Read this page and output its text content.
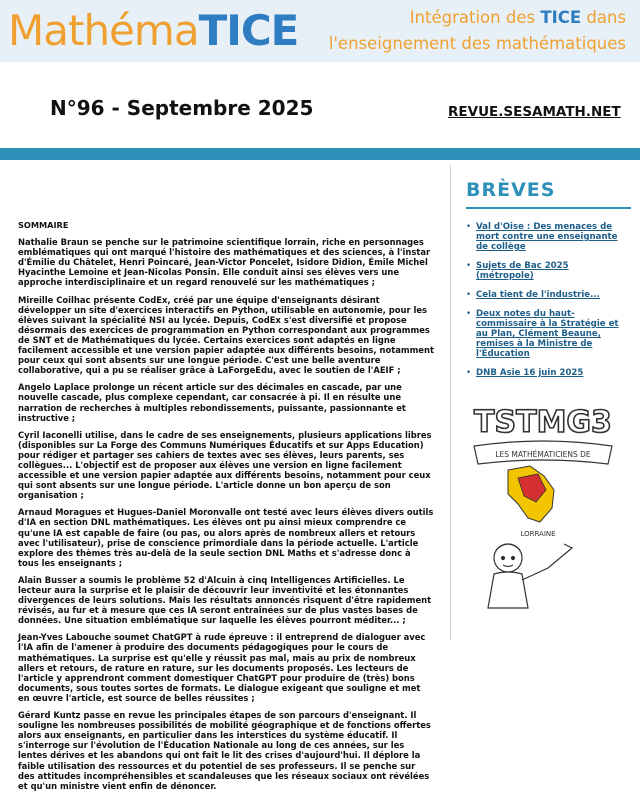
MathémaTICE	Intégration des TICE dans
l'enseignement des mathématiques
N°96 - Septembre 2025	REVUE.SESAMATH.NET

SOMMAIRE

Nathalie Braun se penche sur le patrimoine scientifique lorrain, riche en personnages emblématiques qui ont marqué l'histoire des mathématiques et des sciences, à l'instar d'Émilie du Châtelet, Henri Poincaré, Jean-Victor Poncelet, Isidore Didion, Émile Michel Hyacinthe Lemoine et Jean-Nicolas Ponsin. Elle conduit ainsi ses élèves vers une approche interdisciplinaire et un regard renouvelé sur les mathématiques ;

Mireille Coilhac présente CodEx, créé par une équipe d'enseignants désirant développer un site d'exercices interactifs en Python, utilisable en autonomie, pour les élèves suivant la spécialité NSI au lycée. Depuis, CodEx s'est diversifié et propose désormais des exercices de programmation en Python correspondant aux programmes de SNT et de Mathématiques du lycée. Certains exercices sont adaptés en ligne facilement accessible et une version papier adaptée aux différents besoins, notamment pour ceux qui sont absents sur une longue période. C'est une belle aventure collaborative, qui a pu se réaliser grâce à LaForgeEdu, avec le soutien de l'AEIF ;

Angelo Laplace prolonge un récent article sur des décimales en cascade, par une nouvelle cascade, plus complexe cependant, car consacrée à pi. Il en résulte une narration de recherches à multiples rebondissements, puissante, passionnante et instructive ;

Cyril Iaconelli utilise, dans le cadre de ses enseignements, plusieurs applications libres (disponibles sur La Forge des Communs Numériques Éducatifs et sur Apps Education) pour rédiger et partager ses cahiers de textes avec ses élèves, leurs parents, ses collègues... L'objectif est de proposer aux élèves une version en ligne facilement accessible et une version papier adaptée aux différents besoins, notamment pour ceux qui sont absents sur une longue période. L'article donne un bon aperçu de son organisation ;

Arnaud Moragues et Hugues-Daniel Moronvalle ont testé avec leurs élèves divers outils d'IA en section DNL mathématiques. Les élèves ont pu ainsi mieux comprendre ce qu'une IA est capable de faire (ou pas, ou alors après de nombreux allers et retours avec l'utilisateur), prise de conscience primordiale dans la période actuelle. L'article explore des thèmes très au-delà de la seule section DNL Maths et s'adresse donc à tous les enseignants ;

Alain Busser a soumis le problème 52 d'Alcuin à cinq Intelligences Artificielles. Le lecteur aura la surprise et le plaisir de découvrir leur inventivité et les étonnantes divergences de leurs solutions. Mais les résultats annoncés risquent d'être rapidement révisés, au fur et à mesure que ces IA seront entraînées sur de plus vastes bases de données. Une situation emblématique sur laquelle les élèves pourront méditer... ;

Jean-Yves Labouche soumet ChatGPT à rude épreuve : il entreprend de dialoguer avec l'IA afin de l'amener à produire des documents pédagogiques pour le cours de mathématiques. La surprise est qu'elle y réussit pas mal, mais au prix de nombreux allers et retours, de rature en rature, sur les documents proposés. Les lecteurs de l'article y apprendront comment domestiquer ChatGPT pour produire de (très) bons documents, sous toutes sortes de formats. Le dialogue exigeant que souligne et met en œuvre l'article, est source de belles réussites ;

Gérard Kuntz passe en revue les principales étapes de son parcours d'enseignant. Il souligne les nombreuses possibilités de mobilité géographique et de fonctions offertes alors aux enseignants, en particulier dans les interstices du système éducatif. Il s'interroge sur l'évolution de l'Éducation Nationale au long de ces années, sur les lentes dérives et les abandons qui ont fait le lit des crises d'aujourd'hui. Il déplore la faible utilisation des ressources et du potentiel de ses professeurs. Il se penche sur des attitudes incompréhensibles et scandaleuses que les réseaux sociaux ont révélées et qu'un ministre vient enfin de dénoncer.

BRÈVES
• Val d'Oise : Des menaces de mort contre une enseignante de collège
• Sujets de Bac 2025 (métropole)
• Cela tient de l'industrie...
• Deux notes du haut-commissaire à la Stratégie et au Plan, Clément Beaune, remises à la Ministre de l'Éducation
• DNB Asie 16 juin 2025
TSTMG3
LES MATHÉMATICIENS DE
LORRAINE
